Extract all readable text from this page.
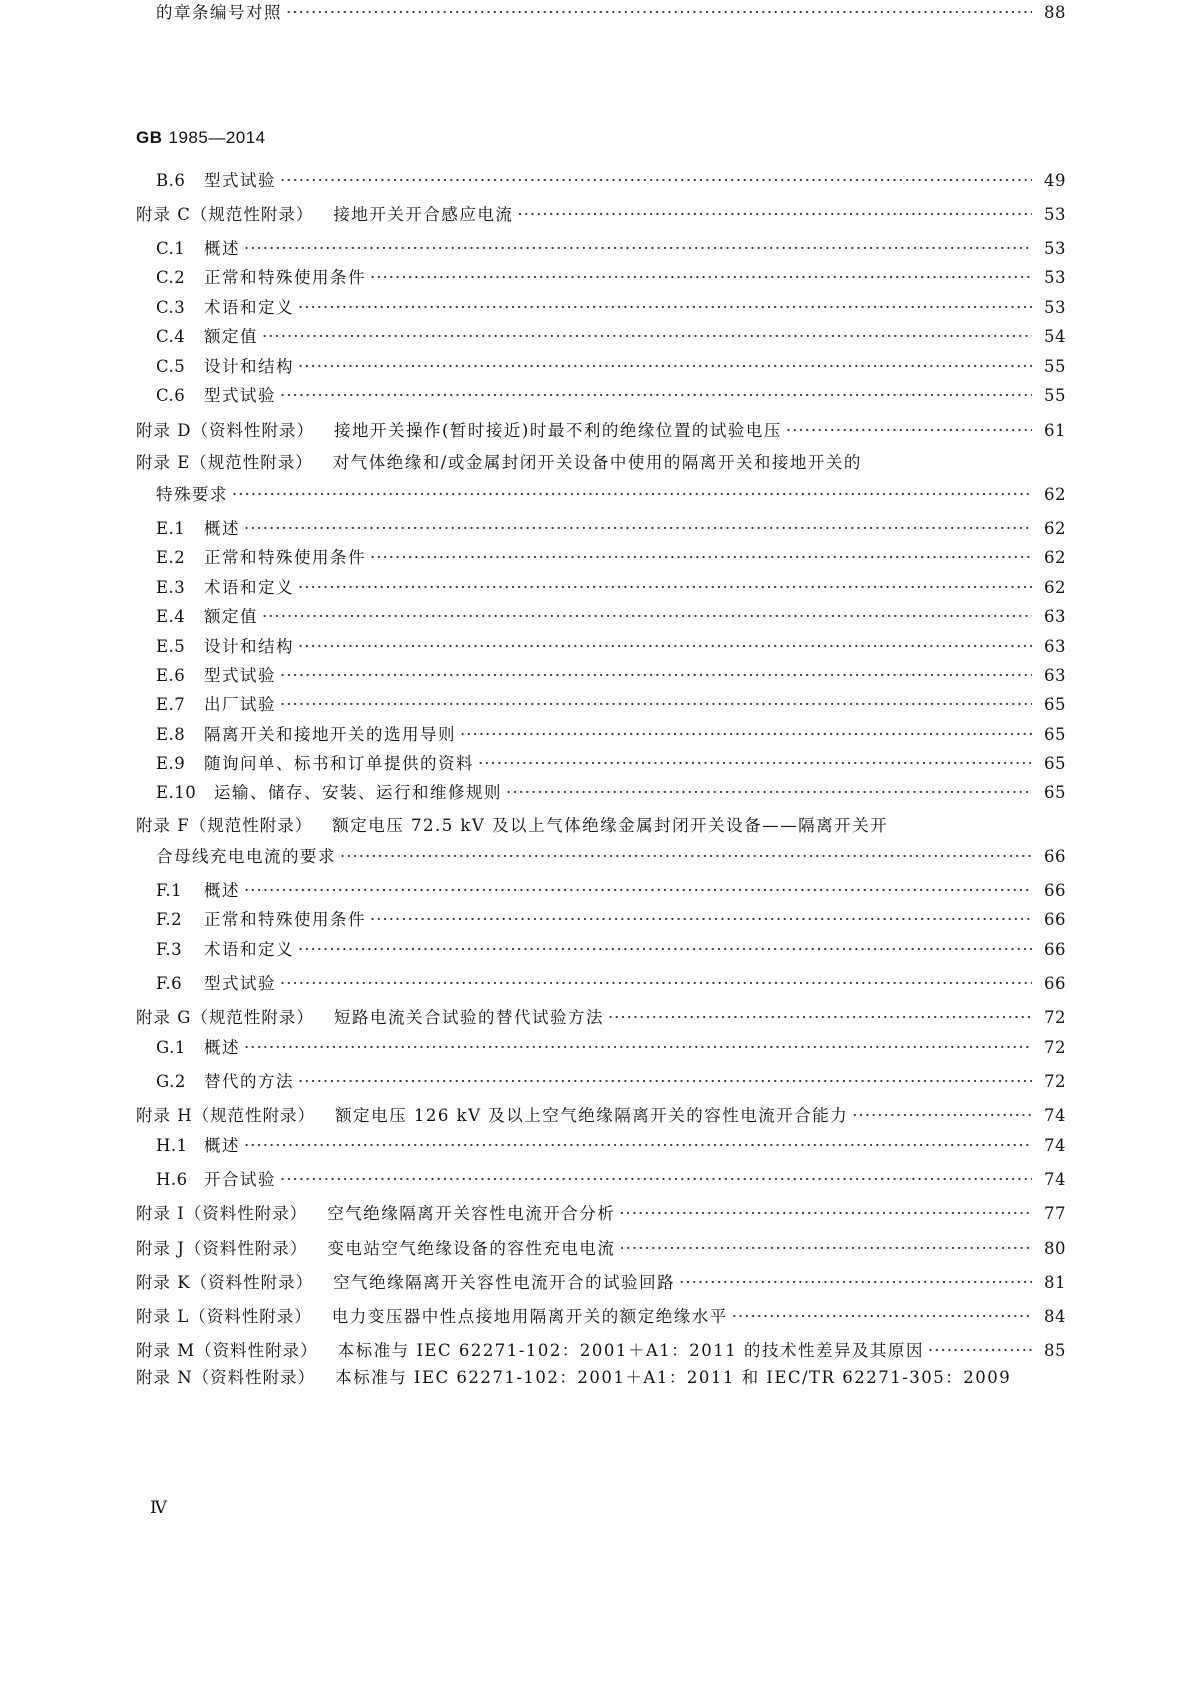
GB 1985—2014
B.6	型式试验 ·····	49
附录 C（规范性附录） 接地开关开合感应电流 ·····	53
C.1	概述 ·····	53
C.2	正常和特殊使用条件 ·····	53
C.3	术语和定义 ·····	53
C.4	额定值 ·····	54
C.5	设计和结构 ·····	55
C.6	型式试验 ·····	55
附录 D（资料性附录） 接地开关操作(暂时接近)时最不利的绝缘位置的试验电压 ·····	61
附录 E（规范性附录） 对气体绝缘和/或金属封闭开关设备中使用的隔离开关和接地开关的
特殊要求 ·····	62
E.1	概述 ·····	62
E.2	正常和特殊使用条件 ·····	62
E.3	术语和定义 ·····	62
E.4	额定值 ·····	63
E.5	设计和结构 ·····	63
E.6	型式试验 ·····	63
E.7	出厂试验 ·····	65
E.8	隔离开关和接地开关的选用导则 ·····	65
E.9	随询问单、标书和订单提供的资料 ·····	65
E.10	运输、储存、安装、运行和维修规则 ·····	65
附录 F（规范性附录） 额定电压 72.5 kV 及以上气体绝缘金属封闭开关设备——隔离开关开
合母线充电电流的要求 ·····	66
F.1	概述 ·····	66
F.2	正常和特殊使用条件 ·····	66
F.3	术语和定义 ·····	66
F.6	型式试验 ·····	66
附录 G（规范性附录） 短路电流关合试验的替代试验方法 ·····	72
G.1	概述 ·····	72
G.2	替代的方法 ·····	72
附录 H（规范性附录） 额定电压 126 kV 及以上空气绝缘隔离开关的容性电流开合能力 ·····	74
H.1 概述 ·····	74
H.6 开合试验 ·····	74
附录 I（资料性附录） 空气绝缘隔离开关容性电流开合分析 ·····	77
附录 J（资料性附录） 变电站空气绝缘设备的容性充电电流 ·····	80
附录 K（资料性附录） 空气绝缘隔离开关容性电流开合的试验回路 ·····	81
附录 L（资料性附录） 电力变压器中性点接地用隔离开关的额定绝缘水平 ·····	84
附录 M（资料性附录） 本标准与 IEC 62271-102：2001＋A1：2011 的技术性差异及其原因 ·····	85
附录 N（资料性附录） 本标准与 IEC 62271-102：2001＋A1：2011 和 IEC/TR 62271-305：2009
的章条编号对照 ·····	88
Ⅳ
